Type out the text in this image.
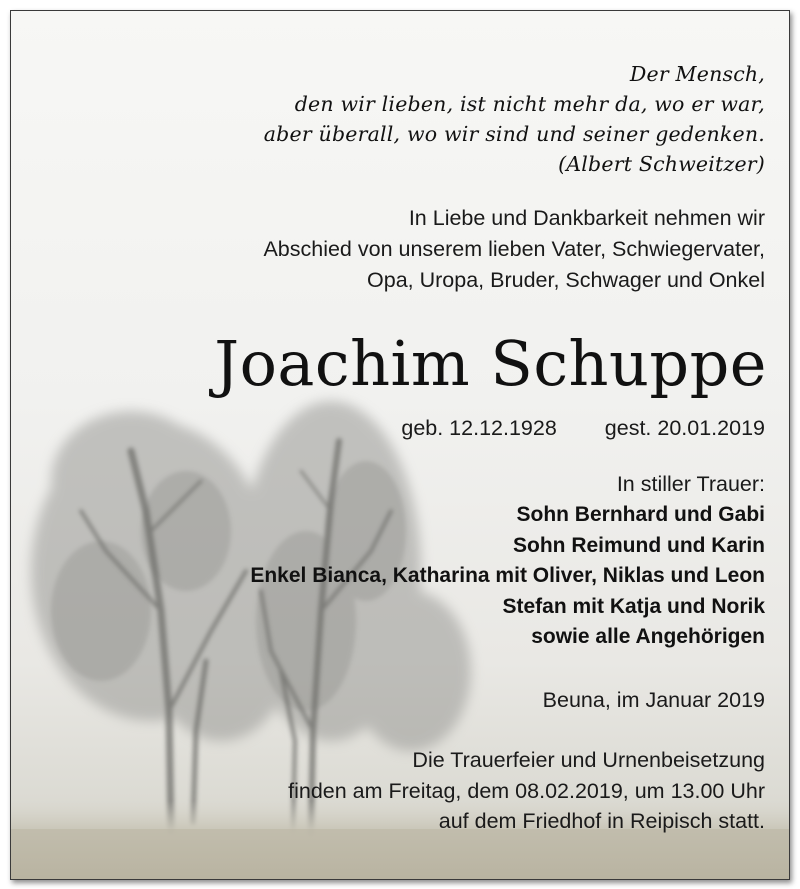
Der Mensch,
den wir lieben, ist nicht mehr da, wo er war,
aber überall, wo wir sind und seiner gedenken.
(Albert Schweitzer)
In Liebe und Dankbarkeit nehmen wir
Abschied von unserem lieben Vater, Schwiegervater,
Opa, Uropa, Bruder, Schwager und Onkel
Joachim Schuppe
geb. 12.12.1928 gest. 20.01.2019
In stiller Trauer:
Sohn Bernhard und Gabi
Sohn Reimund und Karin
Enkel Bianca, Katharina mit Oliver, Niklas und Leon
Stefan mit Katja und Norik
sowie alle Angehörigen
Beuna, im Januar 2019
Die Trauerfeier und Urnenbeisetzung
finden am Freitag, dem 08.02.2019, um 13.00 Uhr
auf dem Friedhof in Reipisch statt.
